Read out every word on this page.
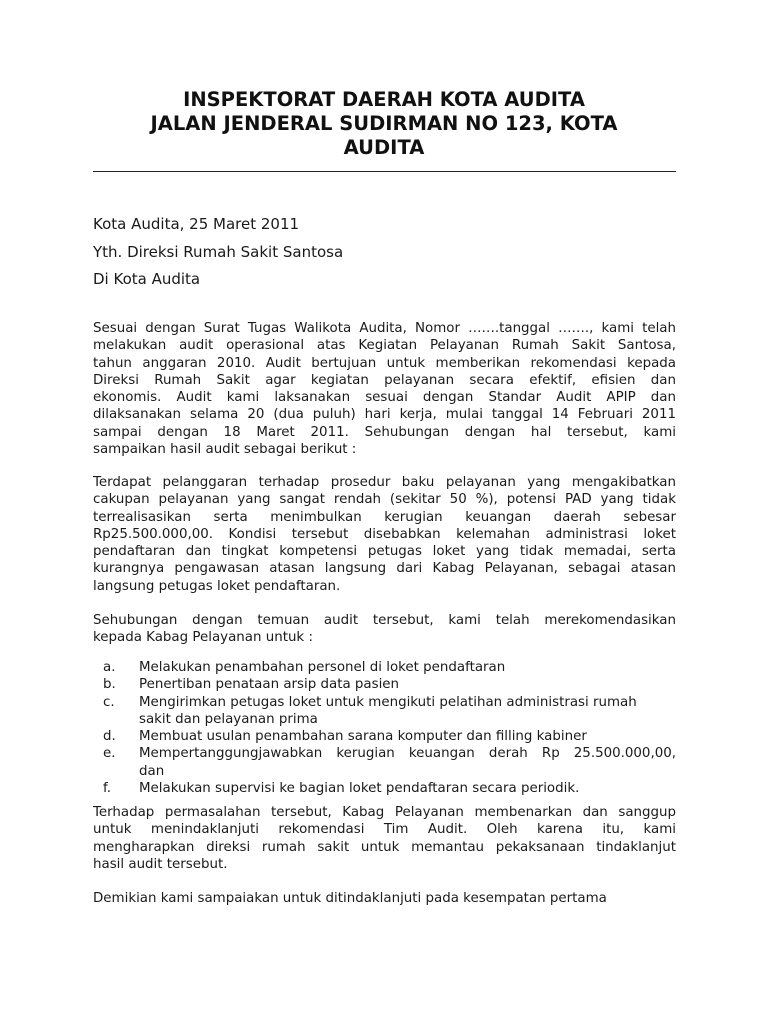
INSPEKTORAT DAERAH KOTA AUDITA
JALAN JENDERAL SUDIRMAN NO 123, KOTA
AUDITA
Kota Audita, 25 Maret 2011
Yth. Direksi Rumah Sakit Santosa
Di Kota Audita
Sesuai dengan Surat Tugas Walikota Audita, Nomor …….tanggal ……., kami telah
melakukan audit operasional atas Kegiatan Pelayanan Rumah Sakit Santosa,
tahun anggaran 2010. Audit bertujuan untuk memberikan rekomendasi kepada
Direksi Rumah Sakit agar kegiatan pelayanan secara efektif, efisien dan
ekonomis. Audit kami laksanakan sesuai dengan Standar Audit APIP dan
dilaksanakan selama 20 (dua puluh) hari kerja, mulai tanggal 14 Februari 2011
sampai dengan 18 Maret 2011. Sehubungan dengan hal tersebut, kami
sampaikan hasil audit sebagai berikut :
Terdapat pelanggaran terhadap prosedur baku pelayanan yang mengakibatkan
cakupan pelayanan yang sangat rendah (sekitar 50 %), potensi PAD yang tidak
terrealisasikan serta menimbulkan kerugian keuangan daerah sebesar
Rp25.500.000,00. Kondisi tersebut disebabkan kelemahan administrasi loket
pendaftaran dan tingkat kompetensi petugas loket yang tidak memadai, serta
kurangnya pengawasan atasan langsung dari Kabag Pelayanan, sebagai atasan
langsung petugas loket pendaftaran.
Sehubungan dengan temuan audit tersebut, kami telah merekomendasikan
kepada Kabag Pelayanan untuk :
a. Melakukan penambahan personel di loket pendaftaran
b. Penertiban penataan arsip data pasien
c. Mengirimkan petugas loket untuk mengikuti pelatihan administrasi rumah
sakit dan pelayanan prima
d. Membuat usulan penambahan sarana komputer dan filling kabiner
e. Mempertanggungjawabkan kerugian keuangan derah Rp 25.500.000,00,
dan
f. Melakukan supervisi ke bagian loket pendaftaran secara periodik.
Terhadap permasalahan tersebut, Kabag Pelayanan membenarkan dan sanggup
untuk menindaklanjuti rekomendasi Tim Audit. Oleh karena itu, kami
mengharapkan direksi rumah sakit untuk memantau pekaksanaan tindaklanjut
hasil audit tersebut.
Demikian kami sampaiakan untuk ditindaklanjuti pada kesempatan pertama
